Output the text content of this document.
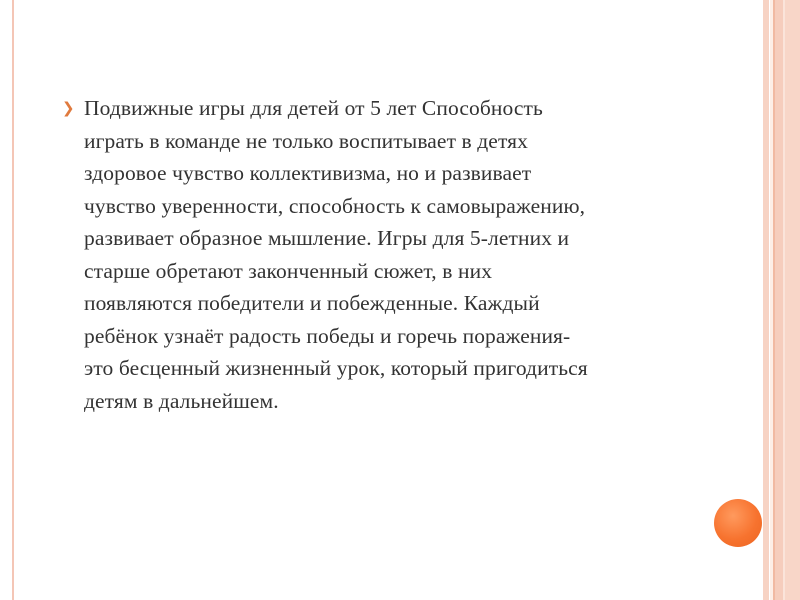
❯ Подвижные игры для детей от 5 лет Способность
играть в команде не только воспитывает в детях
здоровое чувство коллективизма, но и развивает
чувство уверенности, способность к самовыражению,
развивает образное мышление. Игры для 5-летних и
старше обретают законченный сюжет, в них
появляются победители и побежденные. Каждый
ребёнок узнаёт радость победы и горечь поражения-
это бесценный жизненный урок, который пригодиться
детям в дальнейшем.
